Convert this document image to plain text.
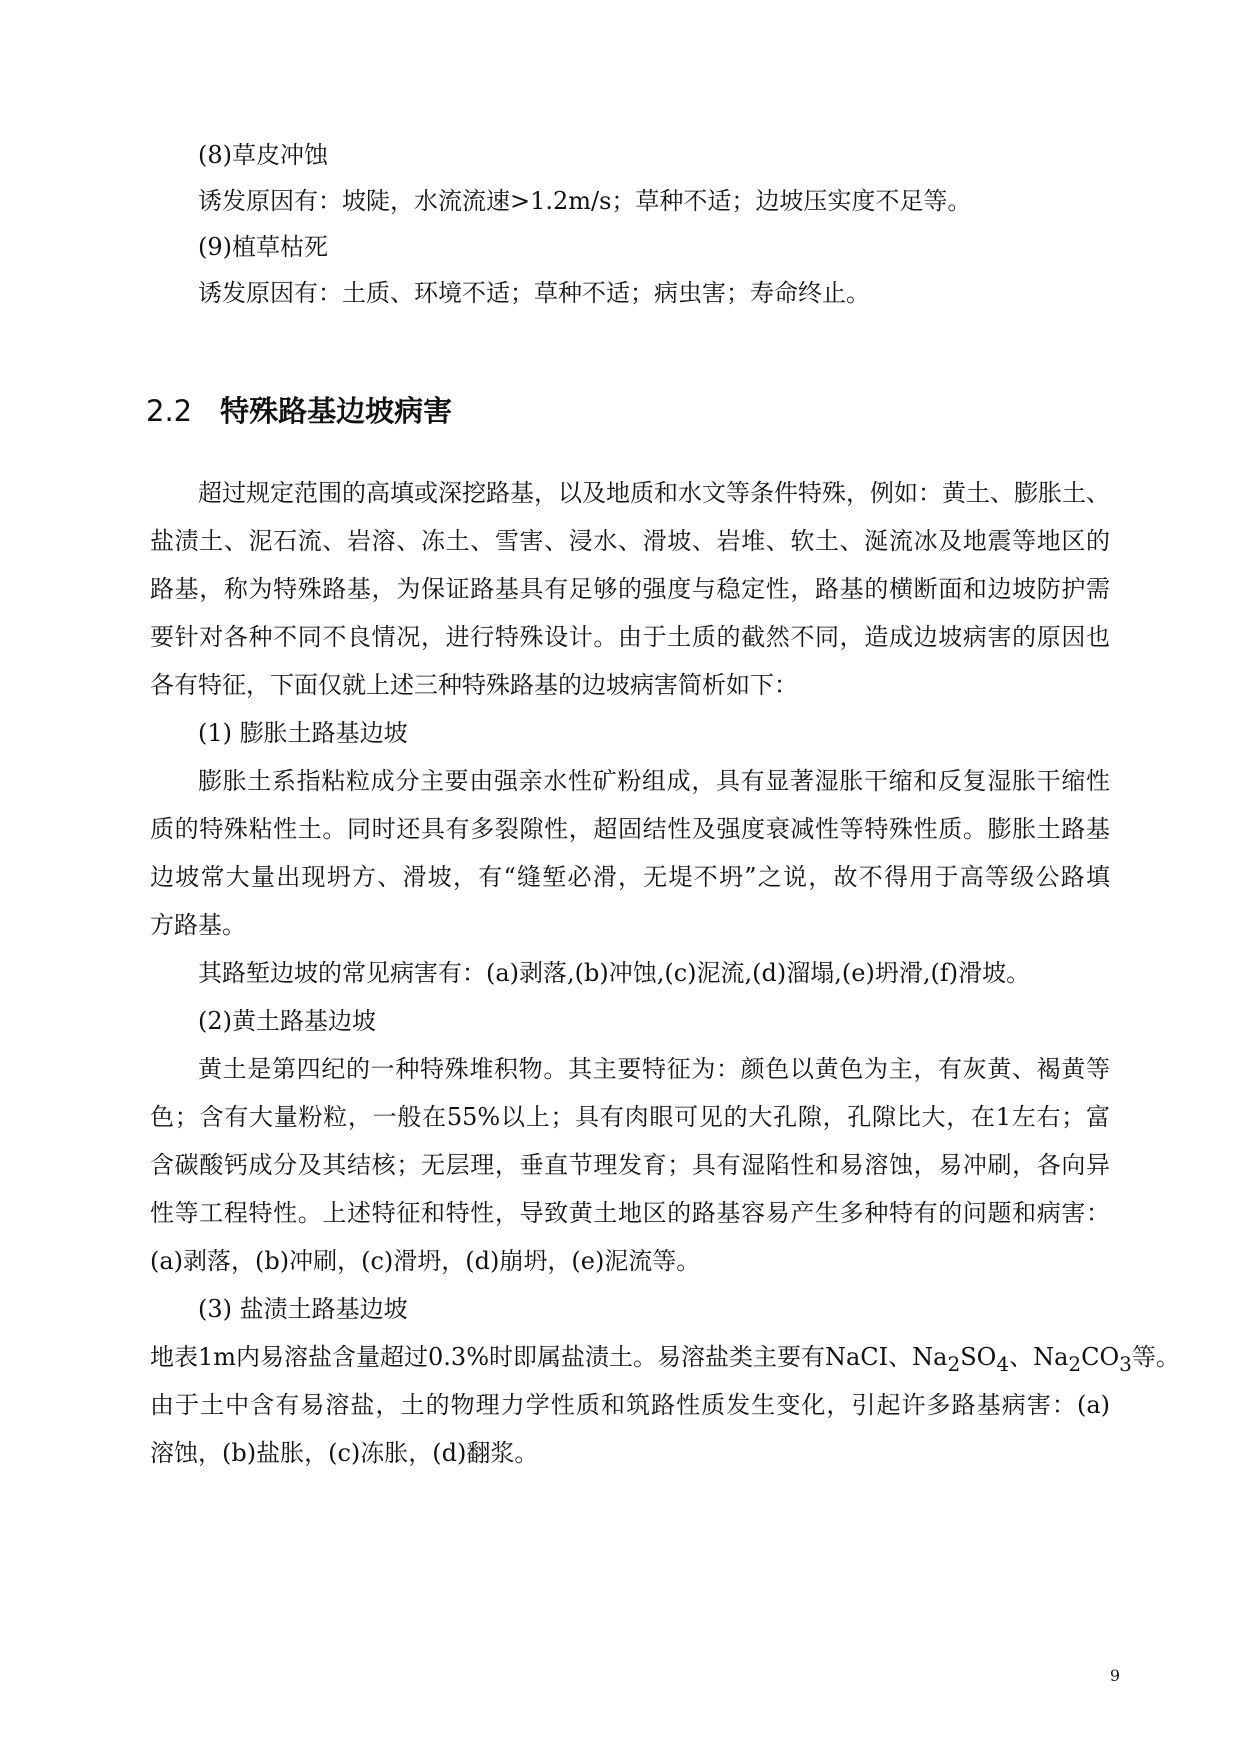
(8)草皮冲蚀
诱发原因有：坡陡，水流流速>1.2m/s；草种不适；边坡压实度不足等。
(9)植草枯死
诱发原因有：土质、环境不适；草种不适；病虫害；寿命终止。
2.2 特殊路基边坡病害
超过规定范围的高填或深挖路基，以及地质和水文等条件特殊，例如：黄土、膨胀土、
盐渍土、泥石流、岩溶、冻土、雪害、浸水、滑坡、岩堆、软土、涎流冰及地震等地区的
路基，称为特殊路基，为保证路基具有足够的强度与稳定性，路基的横断面和边坡防护需
要针对各种不同不良情况，进行特殊设计。由于土质的截然不同，造成边坡病害的原因也
各有特征，下面仅就上述三种特殊路基的边坡病害简析如下：
(1) 膨胀土路基边坡
膨胀土系指粘粒成分主要由强亲水性矿粉组成，具有显著湿胀干缩和反复湿胀干缩性
质的特殊粘性土。同时还具有多裂隙性，超固结性及强度衰减性等特殊性质。膨胀土路基
边坡常大量出现坍方、滑坡，有“缝堑必滑，无堤不坍”之说，故不得用于高等级公路填
方路基。
其路堑边坡的常见病害有：(a)剥落,(b)冲蚀,(c)泥流,(d)溜塌,(e)坍滑,(f)滑坡。
(2)黄土路基边坡
黄土是第四纪的一种特殊堆积物。其主要特征为：颜色以黄色为主，有灰黄、褐黄等
色；含有大量粉粒，一般在55%以上；具有肉眼可见的大孔隙，孔隙比大，在1左右；富
含碳酸钙成分及其结核；无层理，垂直节理发育；具有湿陷性和易溶蚀，易冲刷，各向异
性等工程特性。上述特征和特性，导致黄土地区的路基容易产生多种特有的问题和病害：
(a)剥落，(b)冲刷，(c)滑坍，(d)崩坍，(e)泥流等。
(3) 盐渍土路基边坡
地表1m内易溶盐含量超过0.3%时即属盐渍土。易溶盐类主要有NaCI、$Na_2SO_4$、$Na_2CO_3$等。
由于土中含有易溶盐，土的物理力学性质和筑路性质发生变化，引起许多路基病害：(a)
溶蚀，(b)盐胀，(c)冻胀，(d)翻浆。
9
